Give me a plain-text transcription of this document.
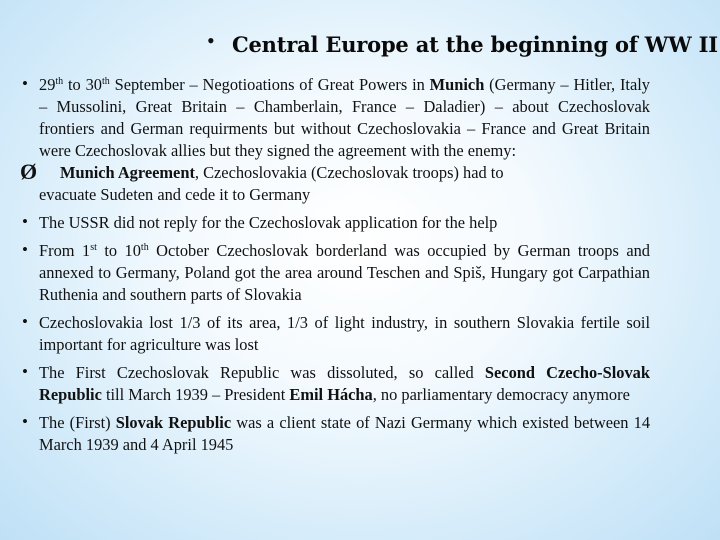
• Central Europe at the beginning of WW II

• 29th to 30th September – Negotioations of Great Powers in Munich (Germany – Hitler, Italy – Mussolini, Great Britain – Chamberlain, France – Daladier) – about Czechoslovak frontiers and German requirments but without Czechoslovakia – France and Great Britain were Czechoslovak allies but they signed the agreement with the enemy:

Ø Munich Agreement, Czechoslovakia (Czechoslovak troops) had to
evacuate Sudeten and cede it to Germany

• The USSR did not reply for the Czechoslovak application for the help

• From 1st to 10th October Czechoslovak borderland was occupied by German troops and annexed to Germany, Poland got the area around Teschen and Spiš, Hungary got Carpathian Ruthenia and southern parts of Slovakia

• Czechoslovakia lost 1/3 of its area, 1/3 of light industry, in southern Slovakia fertile soil important for agriculture was lost

• The First Czechoslovak Republic was dissoluted, so called Second Czecho-Slovak Republic till March 1939 – President Emil Hácha, no parliamentary democracy anymore

• The (First) Slovak Republic was a client state of Nazi Germany which existed between 14 March 1939 and 4 April 1945
